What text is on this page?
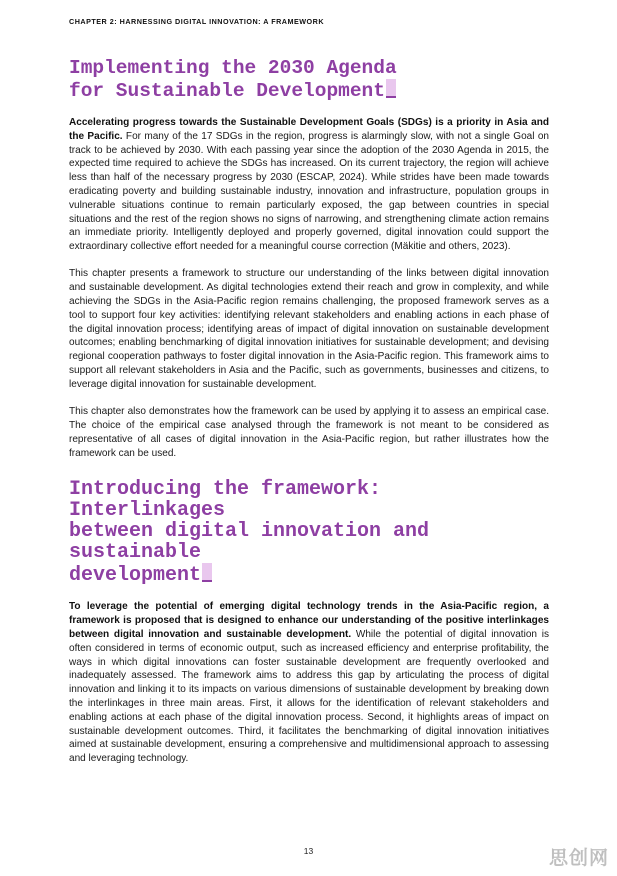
CHAPTER 2: HARNESSING DIGITAL INNOVATION: A FRAMEWORK
Implementing the 2030 Agenda
for Sustainable Development

Accelerating progress towards the Sustainable Development Goals (SDGs) is a priority in Asia and the Pacific. For many of the 17 SDGs in the region, progress is alarmingly slow, with not a single Goal on track to be achieved by 2030. With each passing year since the adoption of the 2030 Agenda in 2015, the expected time required to achieve the SDGs has increased. On its current trajectory, the region will achieve less than half of the necessary progress by 2030 (ESCAP, 2024). While strides have been made towards eradicating poverty and building sustainable industry, innovation and infrastructure, population groups in vulnerable situations continue to remain particularly exposed, the gap between countries in special situations and the rest of the region shows no signs of narrowing, and strengthening climate action remains an immediate priority. Intelligently deployed and properly governed, digital innovation could support the extraordinary collective effort needed for a meaningful course correction (Mäkitie and others, 2023).

This chapter presents a framework to structure our understanding of the links between digital innovation and sustainable development. As digital technologies extend their reach and grow in complexity, and while achieving the SDGs in the Asia-Pacific region remains challenging, the proposed framework serves as a tool to support four key activities: identifying relevant stakeholders and enabling actions in each phase of the digital innovation process; identifying areas of impact of digital innovation on sustainable development outcomes; enabling benchmarking of digital innovation initiatives for sustainable development; and devising regional cooperation pathways to foster digital innovation in the Asia-Pacific region. This framework aims to support all relevant stakeholders in Asia and the Pacific, such as governments, businesses and citizens, to leverage digital innovation for sustainable development.

This chapter also demonstrates how the framework can be used by applying it to assess an empirical case. The choice of the empirical case analysed through the framework is not meant to be considered as representative of all cases of digital innovation in the Asia-Pacific region, but rather illustrates how the framework can be used.

Introducing the framework: Interlinkages
between digital innovation and sustainable
development

To leverage the potential of emerging digital technology trends in the Asia-Pacific region, a framework is proposed that is designed to enhance our understanding of the positive interlinkages between digital innovation and sustainable development. While the potential of digital innovation is often considered in terms of economic output, such as increased efficiency and enterprise profitability, the ways in which digital innovations can foster sustainable development are frequently overlooked and inadequately assessed. The framework aims to address this gap by articulating the process of digital innovation and linking it to its impacts on various dimensions of sustainable development by breaking down the interlinkages in three main areas. First, it allows for the identification of relevant stakeholders and enabling actions at each phase of the digital innovation process. Second, it highlights areas of impact on sustainable development outcomes. Third, it facilitates the benchmarking of digital innovation initiatives aimed at sustainable development, ensuring a comprehensive and multidimensional approach to assessing and leveraging technology.

13	思创网
